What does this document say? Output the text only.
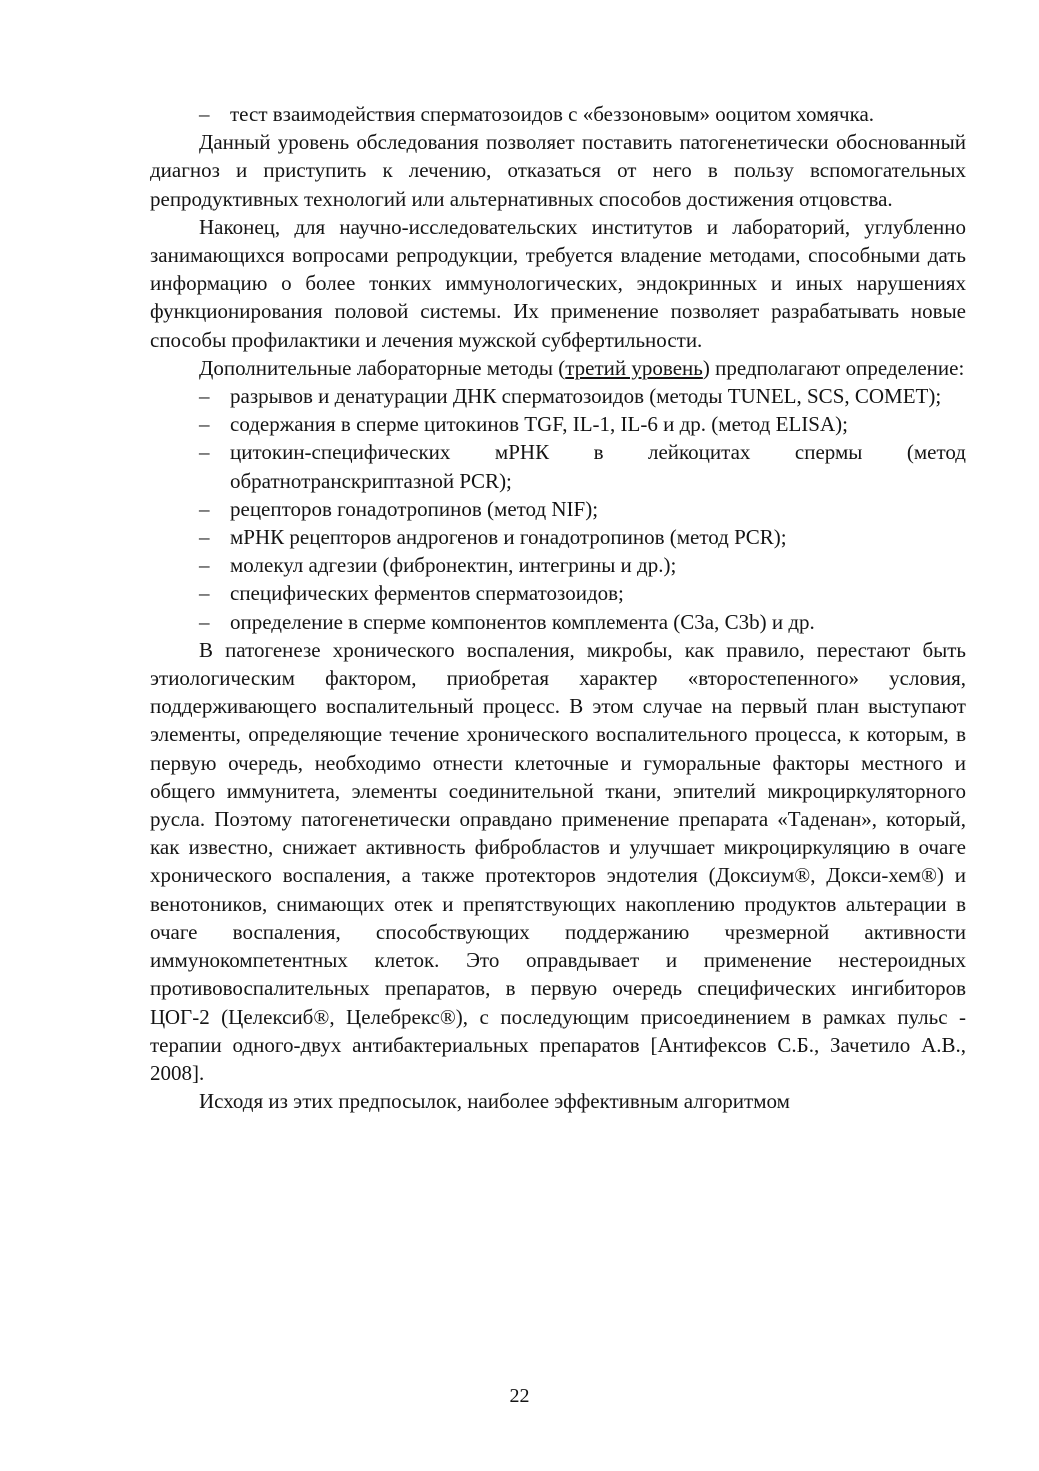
– тест взаимодействия сперматозоидов с «беззоновым» ооцитом хомячка.

Данный уровень обследования позволяет поставить патогенетически обоснованный диагноз и приступить к лечению, отказаться от него в пользу вспомогательных репродуктивных технологий или альтернативных способов достижения отцовства.

Наконец, для научно-исследовательских институтов и лабораторий, углубленно занимающихся вопросами репродукции, требуется владение методами, способными дать информацию о более тонких иммунологических, эндокринных и иных нарушениях функционирования половой системы. Их применение позволяет разрабатывать новые способы профилактики и лечения мужской субфертильности.

Дополнительные лабораторные методы (третий уровень) предполагают определение:

– разрывов и денатурации ДНК сперматозоидов (методы TUNEL, SCS, COMET);
– содержания в сперме цитокинов TGF, IL-1, IL-6 и др. (метод ELISA);
– цитокин-специфических мРНК в лейкоцитах спермы (метод обратнотранскриптазной PCR);
– рецепторов гонадотропинов (метод NIF);
– мРНК рецепторов андрогенов и гонадотропинов (метод PCR);
– молекул адгезии (фибронектин, интегрины и др.);
– специфических ферментов сперматозоидов;
– определение в сперме компонентов комплемента (C3a, C3b) и др.

В патогенезе хронического воспаления, микробы, как правило, перестают быть этиологическим фактором, приобретая характер «второстепенного» условия, поддерживающего воспалительный процесс. В этом случае на первый план выступают элементы, определяющие течение хронического воспалительного процесса, к которым, в первую очередь, необходимо отнести клеточные и гуморальные факторы местного и общего иммунитета, элементы соединительной ткани, эпителий микроциркуляторного русла. Поэтому патогенетически оправдано применение препарата «Таденан», который, как известно, снижает активность фибробластов и улучшает микроциркуляцию в очаге хронического воспаления, а также протекторов эндотелия (Доксиум®, Докси-хем®) и венотоников, снимающих отек и препятствующих накоплению продуктов альтерации в очаге воспаления, способствующих поддержанию чрезмерной активности иммунокомпетентных клеток. Это оправдывает и применение нестероидных противовоспалительных препаратов, в первую очередь специфических ингибиторов ЦОГ-2 (Целексиб®, Целебрекс®), с последующим присоединением в рамках пульс - терапии одного-двух антибактериальных препаратов [Антифексов С.Б., Зачетило А.В., 2008].

Исходя из этих предпосылок, наиболее эффективным алгоритмом

22
